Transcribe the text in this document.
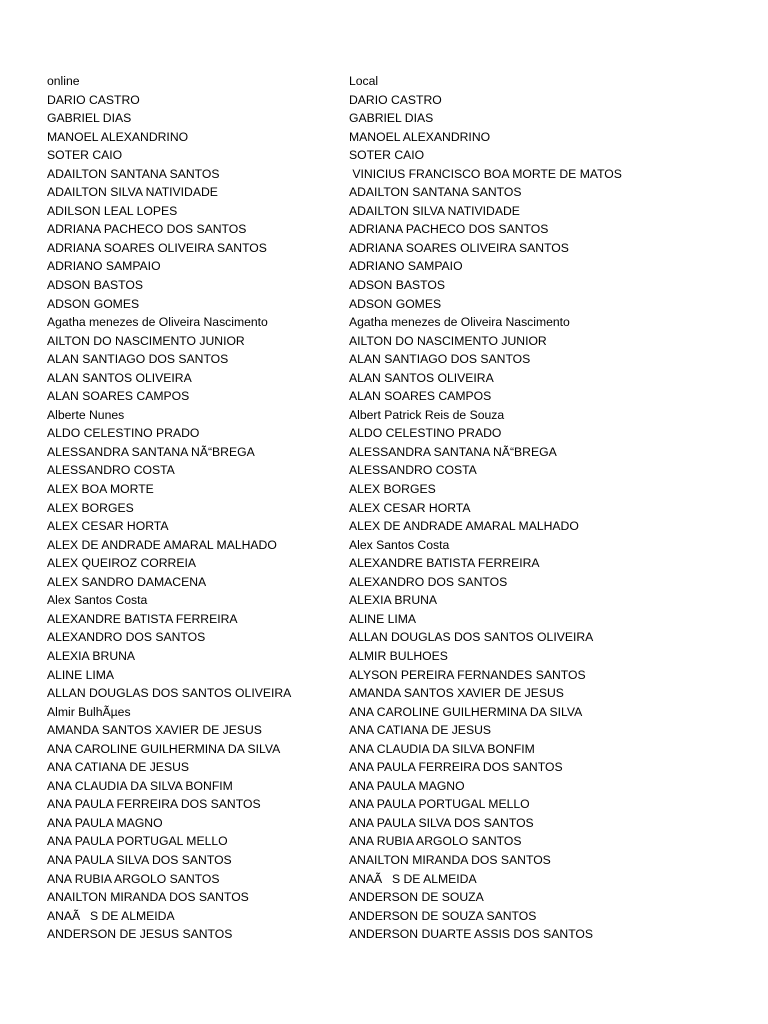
online
DARIO CASTRO
GABRIEL DIAS
MANOEL ALEXANDRINO
SOTER CAIO
ADAILTON SANTANA SANTOS
ADAILTON SILVA NATIVIDADE
ADILSON LEAL LOPES
ADRIANA PACHECO DOS SANTOS
ADRIANA SOARES OLIVEIRA SANTOS
ADRIANO SAMPAIO
ADSON BASTOS
ADSON GOMES
Agatha menezes de Oliveira Nascimento
AILTON DO NASCIMENTO JUNIOR
ALAN SANTIAGO DOS SANTOS
ALAN SANTOS OLIVEIRA
ALAN SOARES CAMPOS
Alberte Nunes
ALDO CELESTINO PRADO
ALESSANDRA SANTANA NÃ“BREGA
ALESSANDRO COSTA
ALEX BOA MORTE
ALEX BORGES
ALEX CESAR HORTA
ALEX DE ANDRADE AMARAL MALHADO
ALEX QUEIROZ CORREIA
ALEX SANDRO DAMACENA
Alex Santos Costa
ALEXANDRE BATISTA FERREIRA
ALEXANDRO DOS SANTOS
ALEXIA BRUNA
ALINE LIMA
ALLAN DOUGLAS DOS SANTOS OLIVEIRA
Almir BulhÃµes
AMANDA SANTOS XAVIER DE JESUS
ANA CAROLINE GUILHERMINA DA SILVA
ANA CATIANA DE JESUS
ANA CLAUDIA DA SILVA BONFIM
ANA PAULA FERREIRA DOS SANTOS
ANA PAULA MAGNO
ANA PAULA PORTUGAL MELLO
ANA PAULA SILVA DOS SANTOS
ANA RUBIA ARGOLO SANTOS
ANAILTON MIRANDA DOS SANTOS
ANAÃS DE ALMEIDA
ANDERSON DE JESUS SANTOS
Local
DARIO CASTRO
GABRIEL DIAS
MANOEL ALEXANDRINO
SOTER CAIO
VINICIUS FRANCISCO BOA MORTE DE MATOS
ADAILTON SANTANA SANTOS
ADAILTON SILVA NATIVIDADE
ADRIANA PACHECO DOS SANTOS
ADRIANA SOARES OLIVEIRA SANTOS
ADRIANO SAMPAIO
ADSON BASTOS
ADSON GOMES
Agatha menezes de Oliveira Nascimento
AILTON DO NASCIMENTO JUNIOR
ALAN SANTIAGO DOS SANTOS
ALAN SANTOS OLIVEIRA
ALAN SOARES CAMPOS
Albert Patrick Reis de Souza
ALDO CELESTINO PRADO
ALESSANDRA SANTANA NÃ“BREGA
ALESSANDRO COSTA
ALEX BORGES
ALEX CESAR HORTA
ALEX DE ANDRADE AMARAL MALHADO
Alex Santos Costa
ALEXANDRE BATISTA FERREIRA
ALEXANDRO DOS SANTOS
ALEXIA BRUNA
ALINE LIMA
ALLAN DOUGLAS DOS SANTOS OLIVEIRA
ALMIR BULHOES
ALYSON PEREIRA FERNANDES SANTOS
AMANDA SANTOS XAVIER DE JESUS
ANA CAROLINE GUILHERMINA DA SILVA
ANA CATIANA DE JESUS
ANA CLAUDIA DA SILVA BONFIM
ANA PAULA FERREIRA DOS SANTOS
ANA PAULA MAGNO
ANA PAULA PORTUGAL MELLO
ANA PAULA SILVA DOS SANTOS
ANA RUBIA ARGOLO SANTOS
ANAILTON MIRANDA DOS SANTOS
ANAÃS DE ALMEIDA
ANDERSON DE SOUZA
ANDERSON DE SOUZA SANTOS
ANDERSON DUARTE ASSIS DOS SANTOS
